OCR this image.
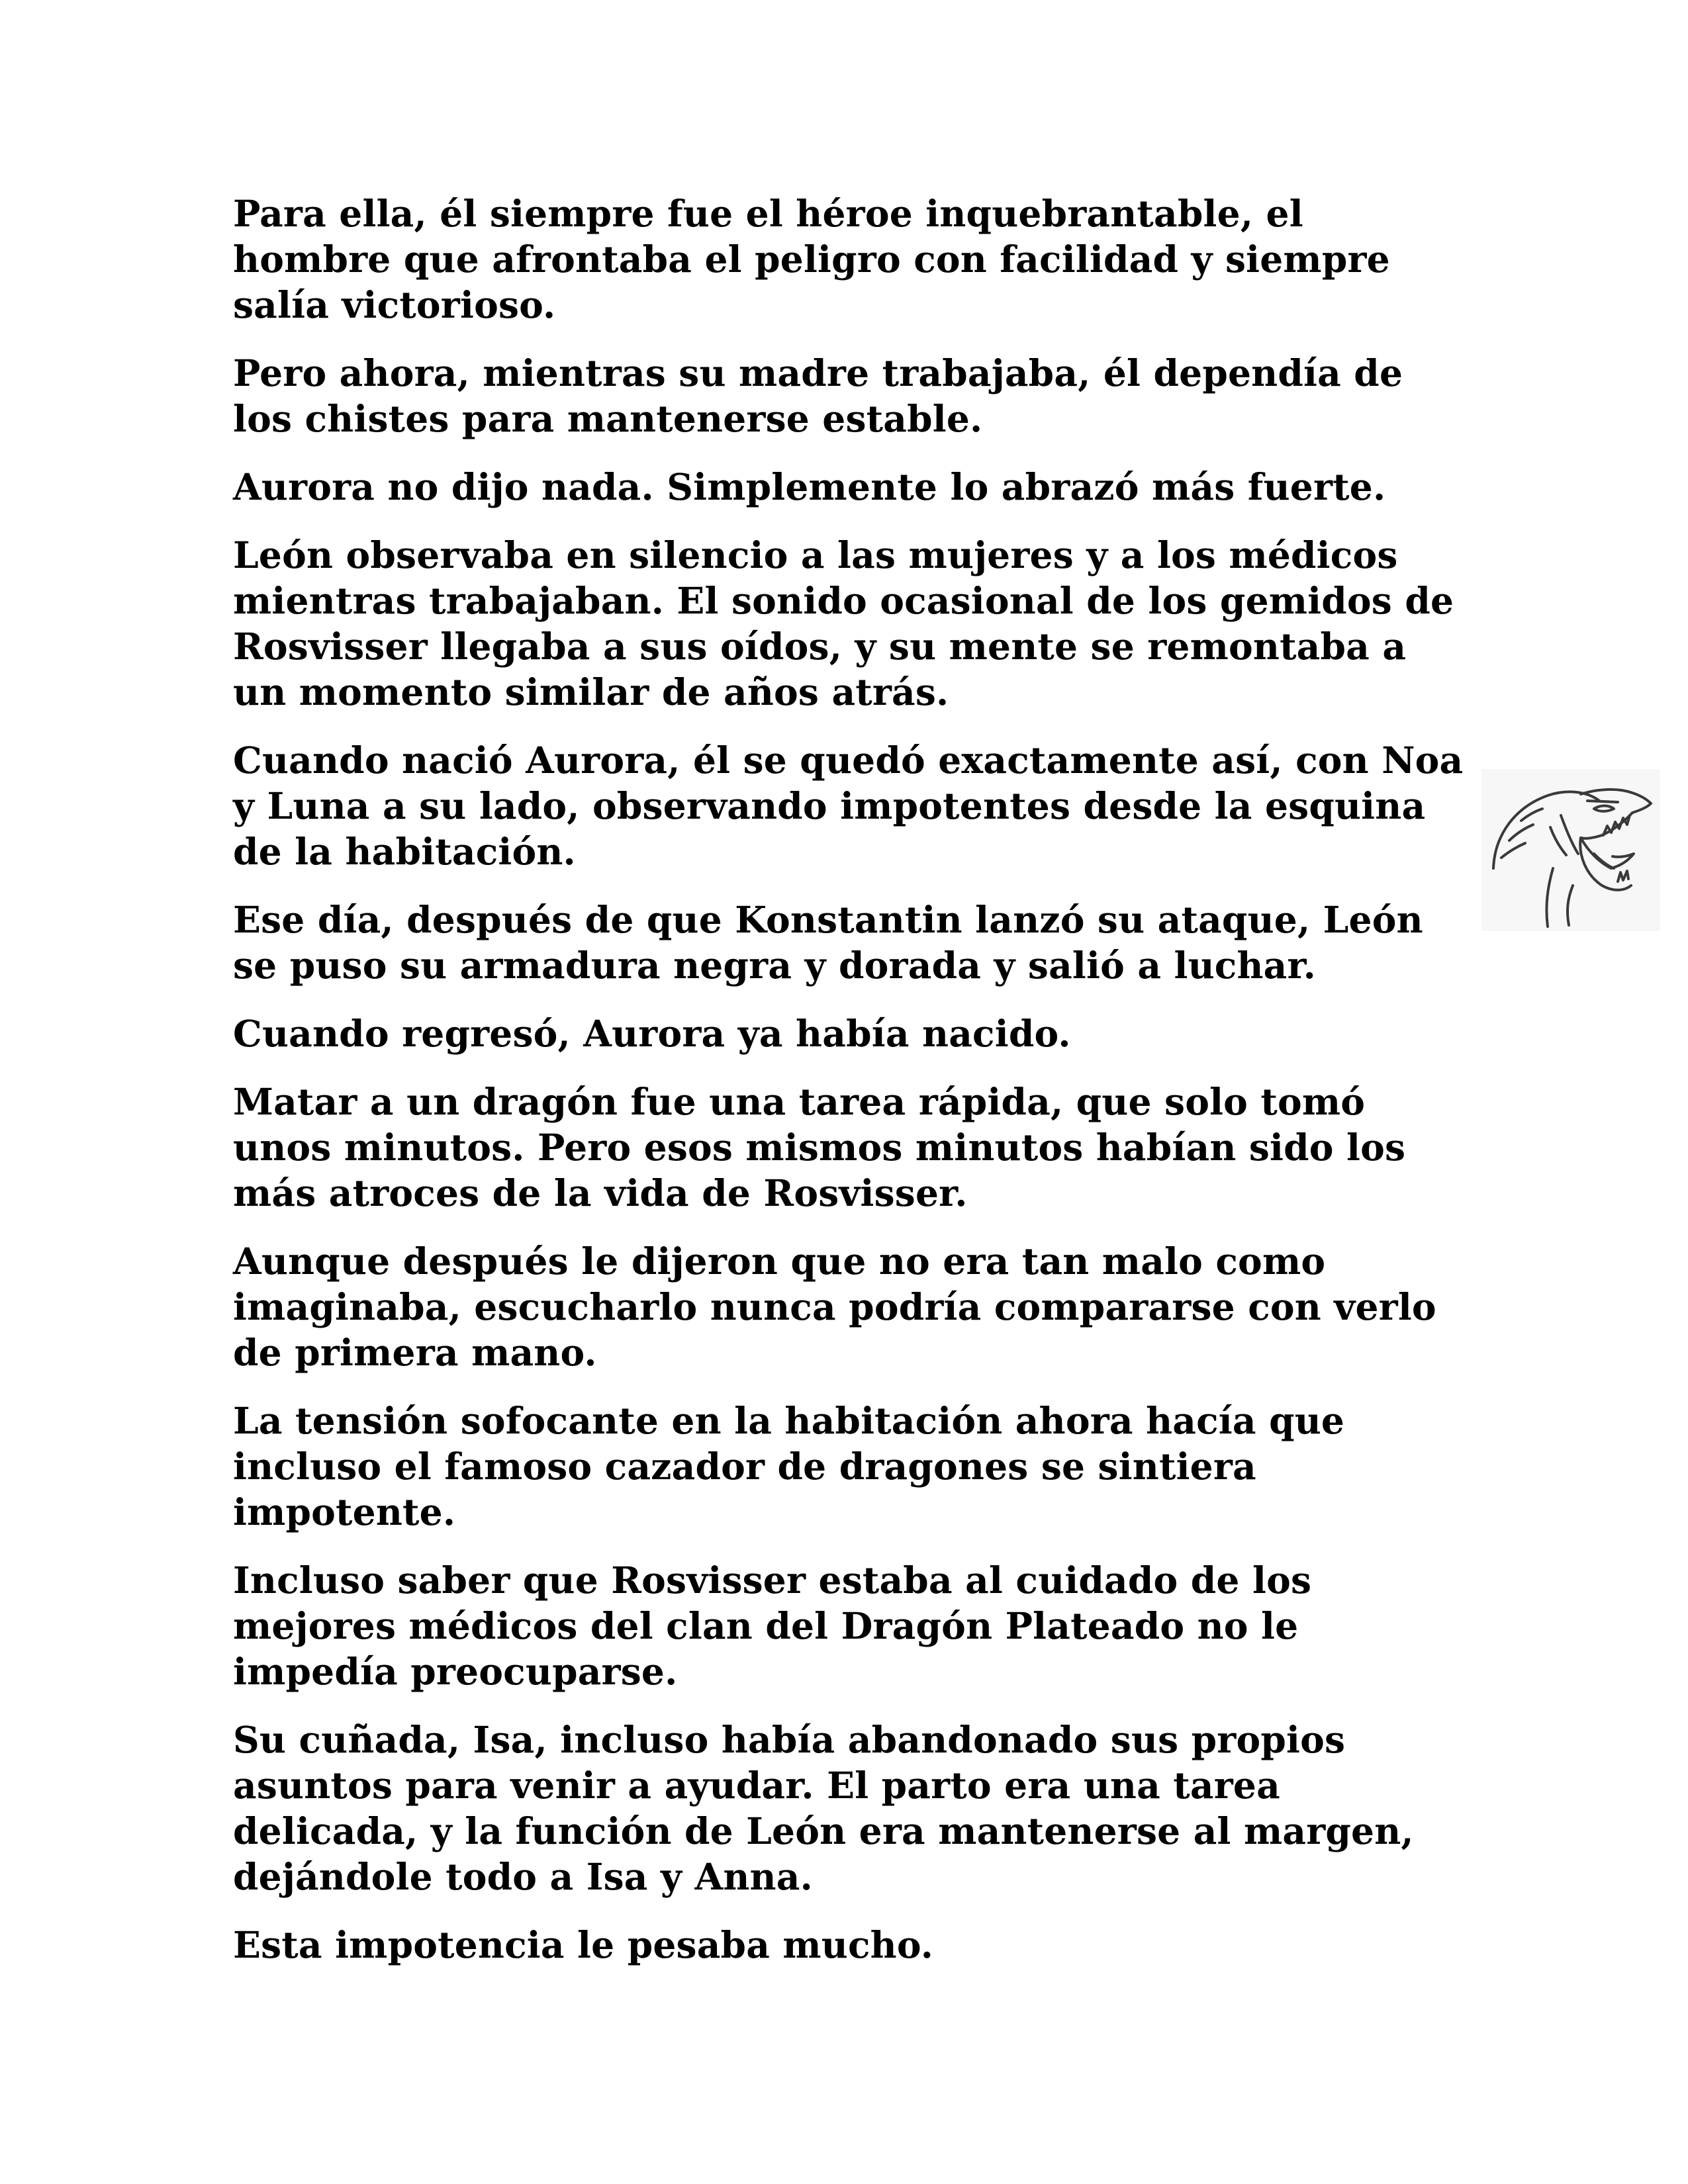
Para ella, él siempre fue el héroe inquebrantable, el hombre que afrontaba el peligro con facilidad y siempre salía victorioso.

Pero ahora, mientras su madre trabajaba, él dependía de los chistes para mantenerse estable.

Aurora no dijo nada. Simplemente lo abrazó más fuerte.

León observaba en silencio a las mujeres y a los médicos mientras trabajaban. El sonido ocasional de los gemidos de Rosvisser llegaba a sus oídos, y su mente se remontaba a un momento similar de años atrás.

Cuando nació Aurora, él se quedó exactamente así, con Noa y Luna a su lado, observando impotentes desde la esquina de la habitación.

Ese día, después de que Konstantin lanzó su ataque, León se puso su armadura negra y dorada y salió a luchar.

Cuando regresó, Aurora ya había nacido.

Matar a un dragón fue una tarea rápida, que solo tomó unos minutos. Pero esos mismos minutos habían sido los más atroces de la vida de Rosvisser.

Aunque después le dijeron que no era tan malo como imaginaba, escucharlo nunca podría compararse con verlo de primera mano.

La tensión sofocante en la habitación ahora hacía que incluso el famoso cazador de dragones se sintiera impotente.

Incluso saber que Rosvisser estaba al cuidado de los mejores médicos del clan del Dragón Plateado no le impedía preocuparse.

Su cuñada, Isa, incluso había abandonado sus propios asuntos para venir a ayudar. El parto era una tarea delicada, y la función de León era mantenerse al margen, dejándole todo a Isa y Anna.

Esta impotencia le pesaba mucho.
